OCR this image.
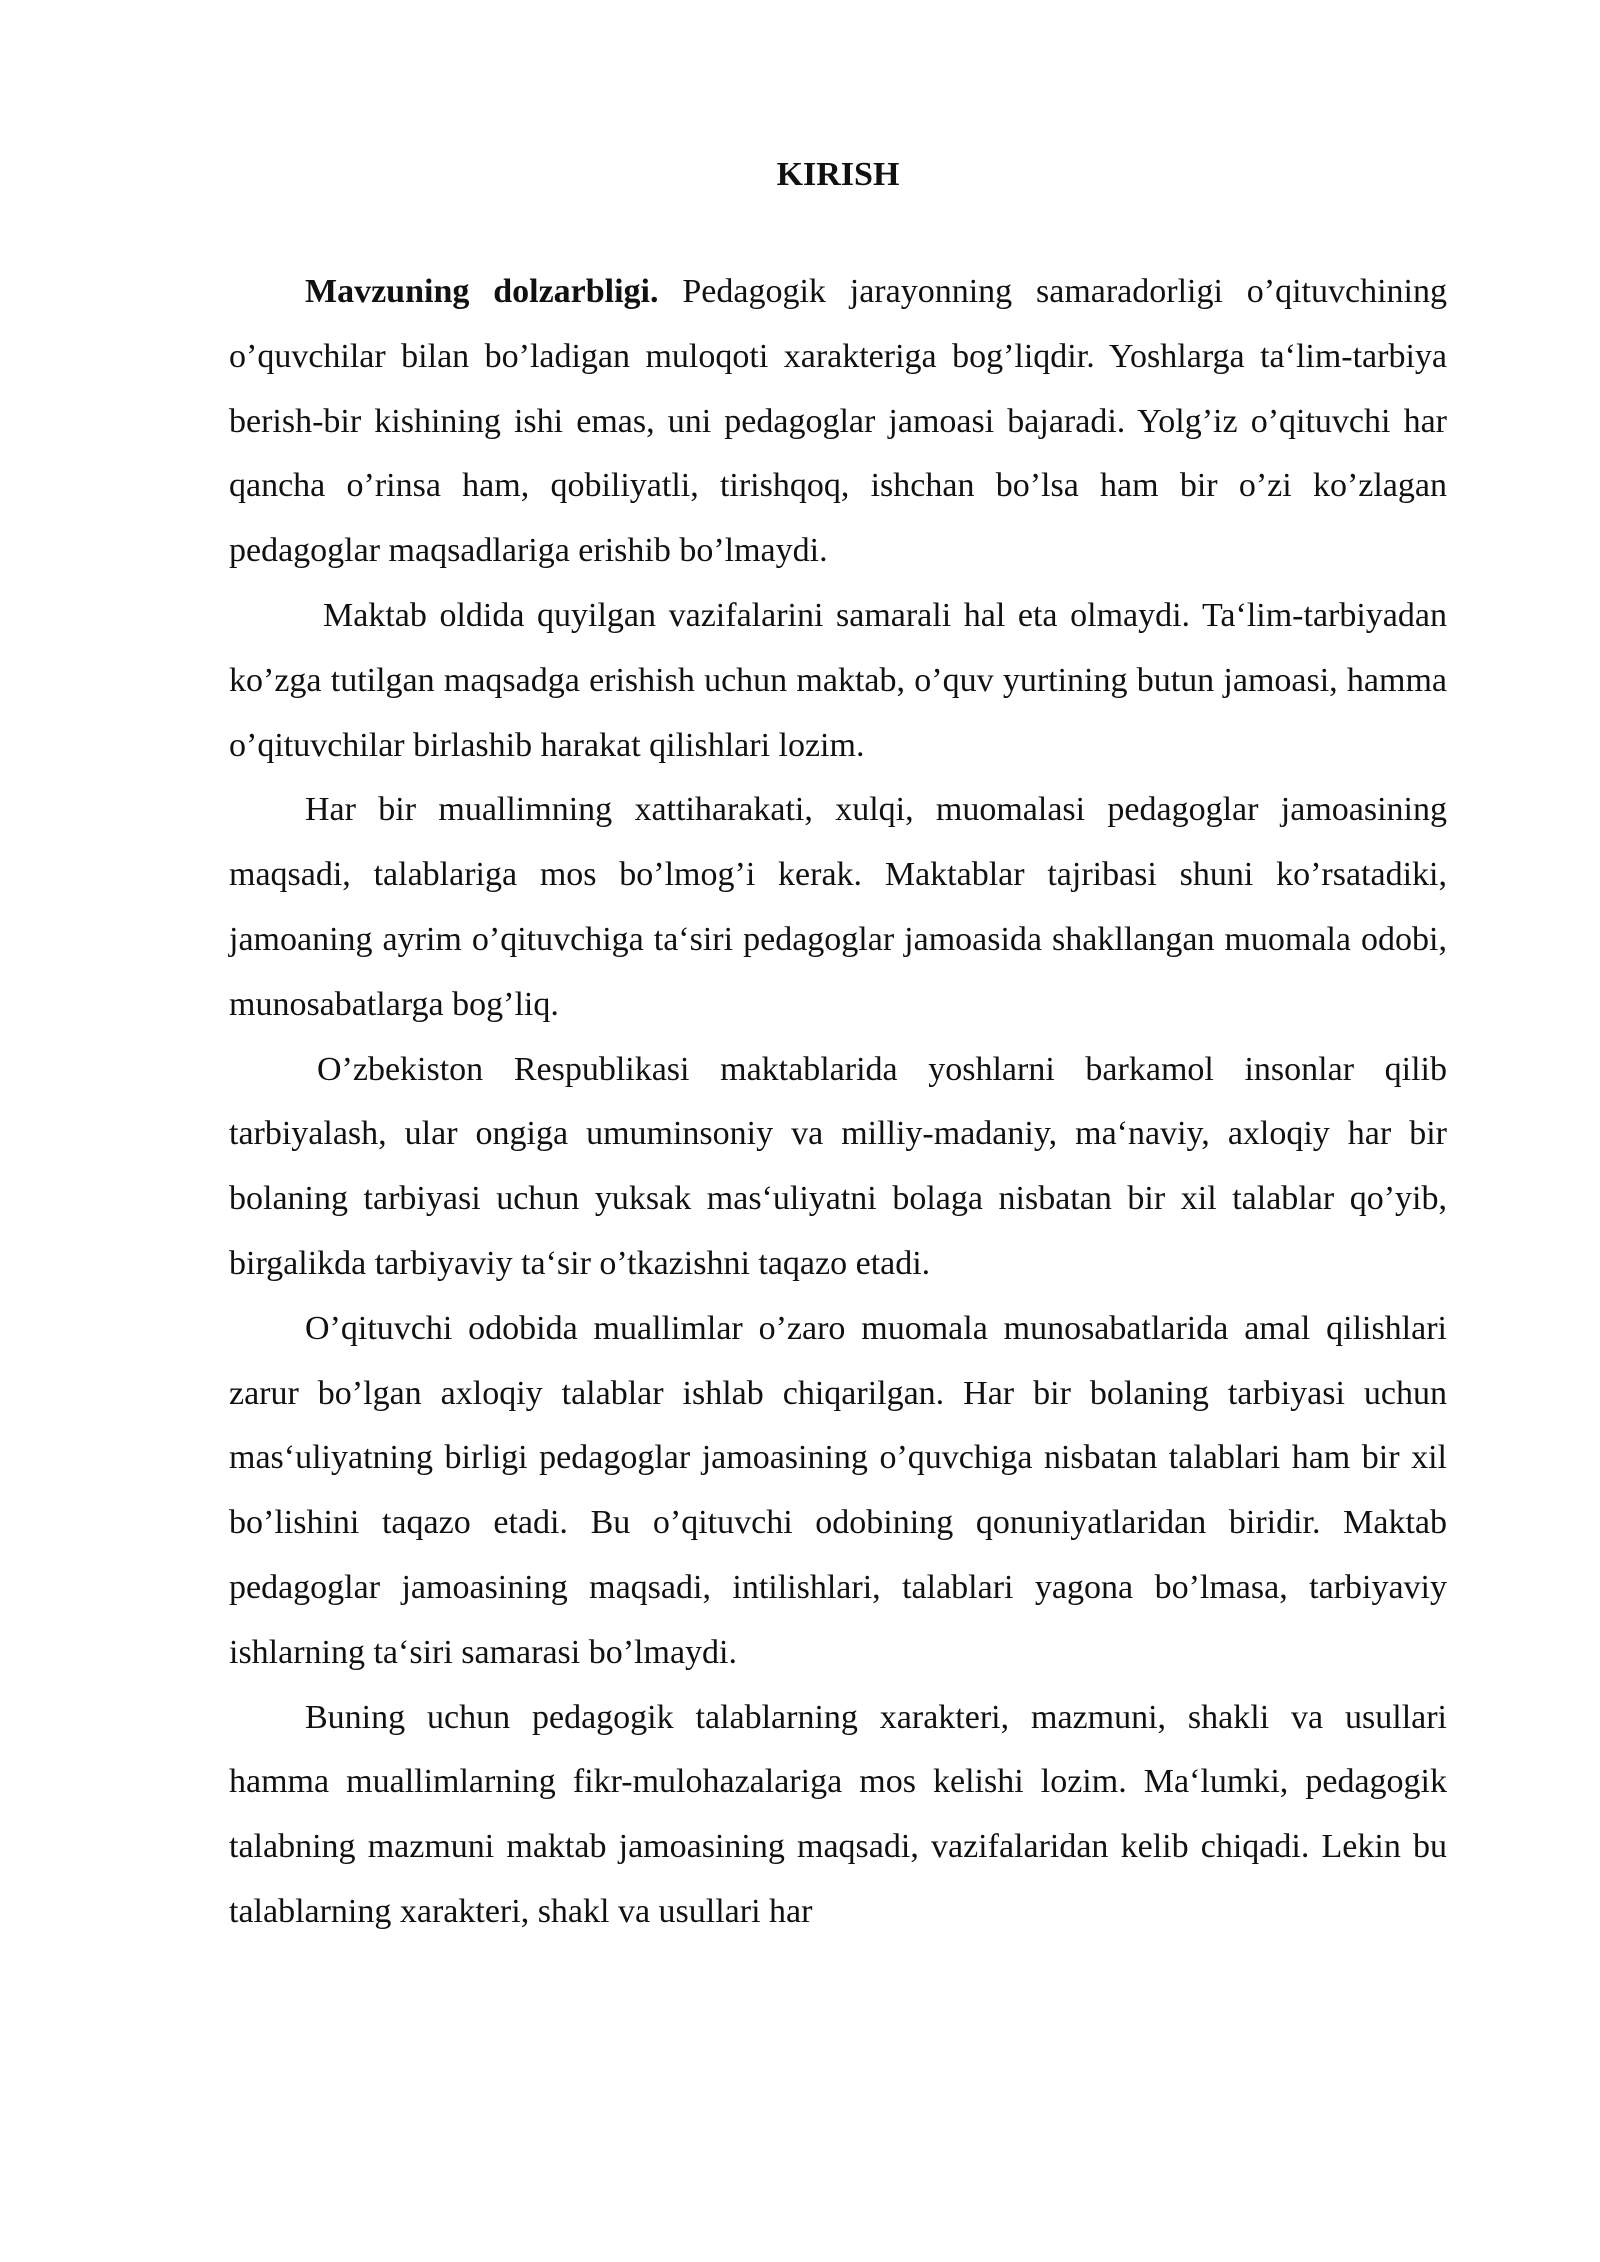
KIRISH

Mavzuning dolzarbligi. Pedagogik jarayonning samaradorligi o’qituvchining o’quvchilar bilan bo’ladigan muloqoti xarakteriga bog’liqdir. Yoshlarga ta‘lim-tarbiya berish-bir kishining ishi emas, uni pedagoglar jamoasi bajaradi. Yolg’iz o’qituvchi har qancha o’rinsa ham, qobiliyatli, tirishqoq, ishchan bo’lsa ham bir o’zi ko’zlagan pedagoglar maqsadlariga erishib bo’lmaydi.

Maktab oldida quyilgan vazifalarini samarali hal eta olmaydi. Ta‘lim-tarbiyadan ko’zga tutilgan maqsadga erishish uchun maktab, o’quv yurtining butun jamoasi, hamma o’qituvchilar birlashib harakat qilishlari lozim.

Har bir muallimning xattiharakati, xulqi, muomalasi pedagoglar jamoasining maqsadi, talablariga mos bo’lmog’i kerak. Maktablar tajribasi shuni ko’rsatadiki, jamoaning ayrim o’qituvchiga ta‘siri pedagoglar jamoasida shakllangan muomala odobi, munosabatlarga bog’liq.

O’zbekiston Respublikasi maktablarida yoshlarni barkamol insonlar qilib tarbiyalash, ular ongiga umuminsoniy va milliy-madaniy, ma‘naviy, axloqiy har bir bolaning tarbiyasi uchun yuksak mas‘uliyatni bolaga nisbatan bir xil talablar qo’yib, birgalikda tarbiyaviy ta‘sir o’tkazishni taqazo etadi.

O’qituvchi odobida muallimlar o’zaro muomala munosabatlarida amal qilishlari zarur bo’lgan axloqiy talablar ishlab chiqarilgan. Har bir bolaning tarbiyasi uchun mas‘uliyatning birligi pedagoglar jamoasining o’quvchiga nisbatan talablari ham bir xil bo’lishini taqazo etadi. Bu o’qituvchi odobining qonuniyatlaridan biridir. Maktab pedagoglar jamoasining maqsadi, intilishlari, talablari yagona bo’lmasa, tarbiyaviy ishlarning ta‘siri samarasi bo’lmaydi.

Buning uchun pedagogik talablarning xarakteri, mazmuni, shakli va usullari hamma muallimlarning fikr-mulohazalariga mos kelishi lozim. Ma‘lumki, pedagogik talabning mazmuni maktab jamoasining maqsadi, vazifalaridan kelib chiqadi. Lekin bu talablarning xarakteri, shakl va usullari har
